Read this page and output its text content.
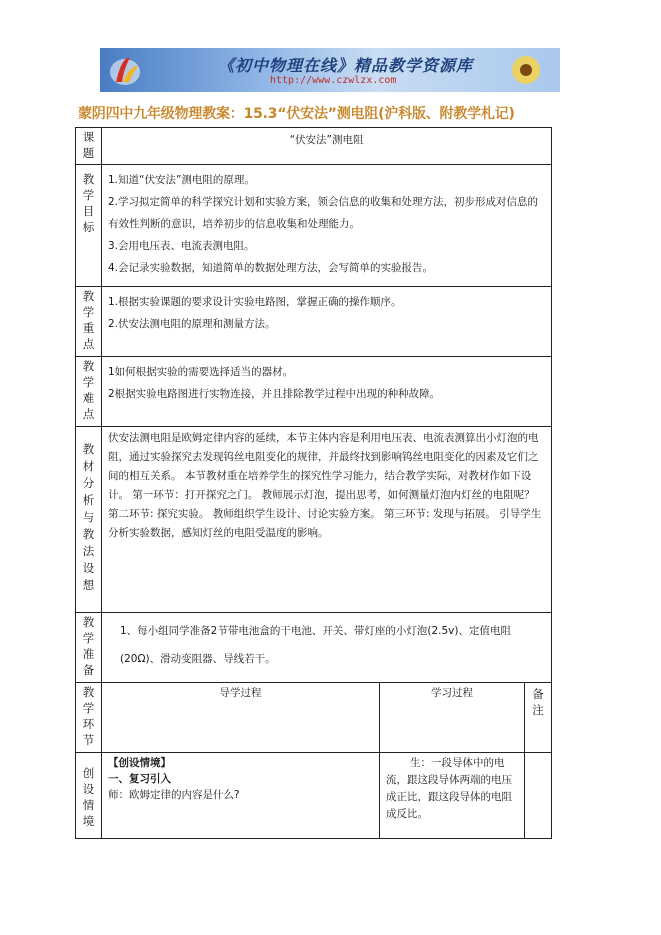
《初中物理在线》精品教学资源库
http://www.czwlzx.com
蒙阴四中九年级物理教案：15.3“伏安法”测电阻(沪科版、附教学札记)
课题	“伏安法”测电阻		

教学目标	1.知道“伏安法”测电阻的原理。

2.学习拟定简单的科学探究计划和实验方案，领会信息的收集和处理方法，初步形成对信息的有效性判断的意识，培养初步的信息收集和处理能力。

3.会用电压表、电流表测电阻。

4.会记录实验数据，知道简单的数据处理方法，会写简单的实验报告。		

教学重点	1.根据实验课题的要求设计实验电路图，掌握正确的操作顺序。

2.伏安法测电阻的原理和测量方法。		

教学难点	1如何根据实验的需要选择适当的器材。

2根据实验电路图进行实物连接，并且排除教学过程中出现的种种故障。		

教材分析与教法设想	伏安法测电阻是欧姆定律内容的延续，本节主体内容是利用电压表、电流表测算出小灯泡的电阻，通过实验探究去发现钨丝电阻变化的规律，并最终找到影响钨丝电阻变化的因素及它们之间的相互关系。 本节教材重在培养学生的探究性学习能力，结合教学实际，对教材作如下设计。 第一环节：打开探究之门。 教师展示灯泡，提出思考，如何测量灯泡内灯丝的电阻呢？ 第二环节: 探究实验。 教师组织学生设计、讨论实验方案。 第三环节: 发现与拓展。 引导学生分析实验数据，感知灯丝的电阻受温度的影响。		

教学准备	1、每小组同学准备2节带电池盒的干电池、开关、带灯座的小灯泡(2.5v)、定值电阻(20Ω)、滑动变阻器、导线若干。		

教学环节	导学过程	学习过程	备注

创设情境	【创设情境】

一、复习引入

师：欧姆定律的内容是什么?	生：一段导体中的电流，跟这段导体两端的电压成正比，跟这段导体的电阻成反比。	
